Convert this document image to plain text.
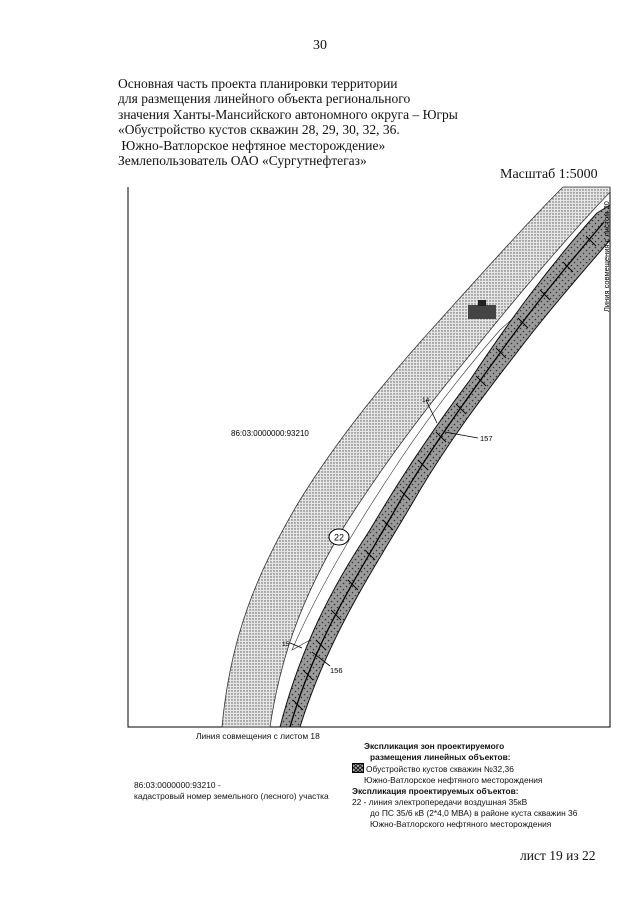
30
Основная часть проекта планировки территории
для размещения линейного объекта регионального
значения Ханты-Мансийского автономного округа – Югры
«Обустройство кустов скважин 28, 29, 30, 32, 36.
Южно-Ватлорское нефтяное месторождение»
Землепользователь ОАО «Сургутнефтегаз»
Масштаб 1:5000
22
157
156
14
15
86:03:0000000:93210
Линия совмещения с листом 20
Линия совмещения с листом 18
86:03:0000000:93210 -
кадастровый номер земельного (лесного) участка
Экспликация зон проектируемого
размещения линейных объектов:
Обустройство кустов скважин №32,36
Южно-Ватлорское нефтяного месторождения
Экспликация проектируемых объектов:
22 - линия электропередачи воздушная 35кВ
до ПС 35/6 кВ (2*4,0 МВА) в районе куста скважин 36
Южно-Ватлорского нефтяного месторождения
лист 19 из 22
